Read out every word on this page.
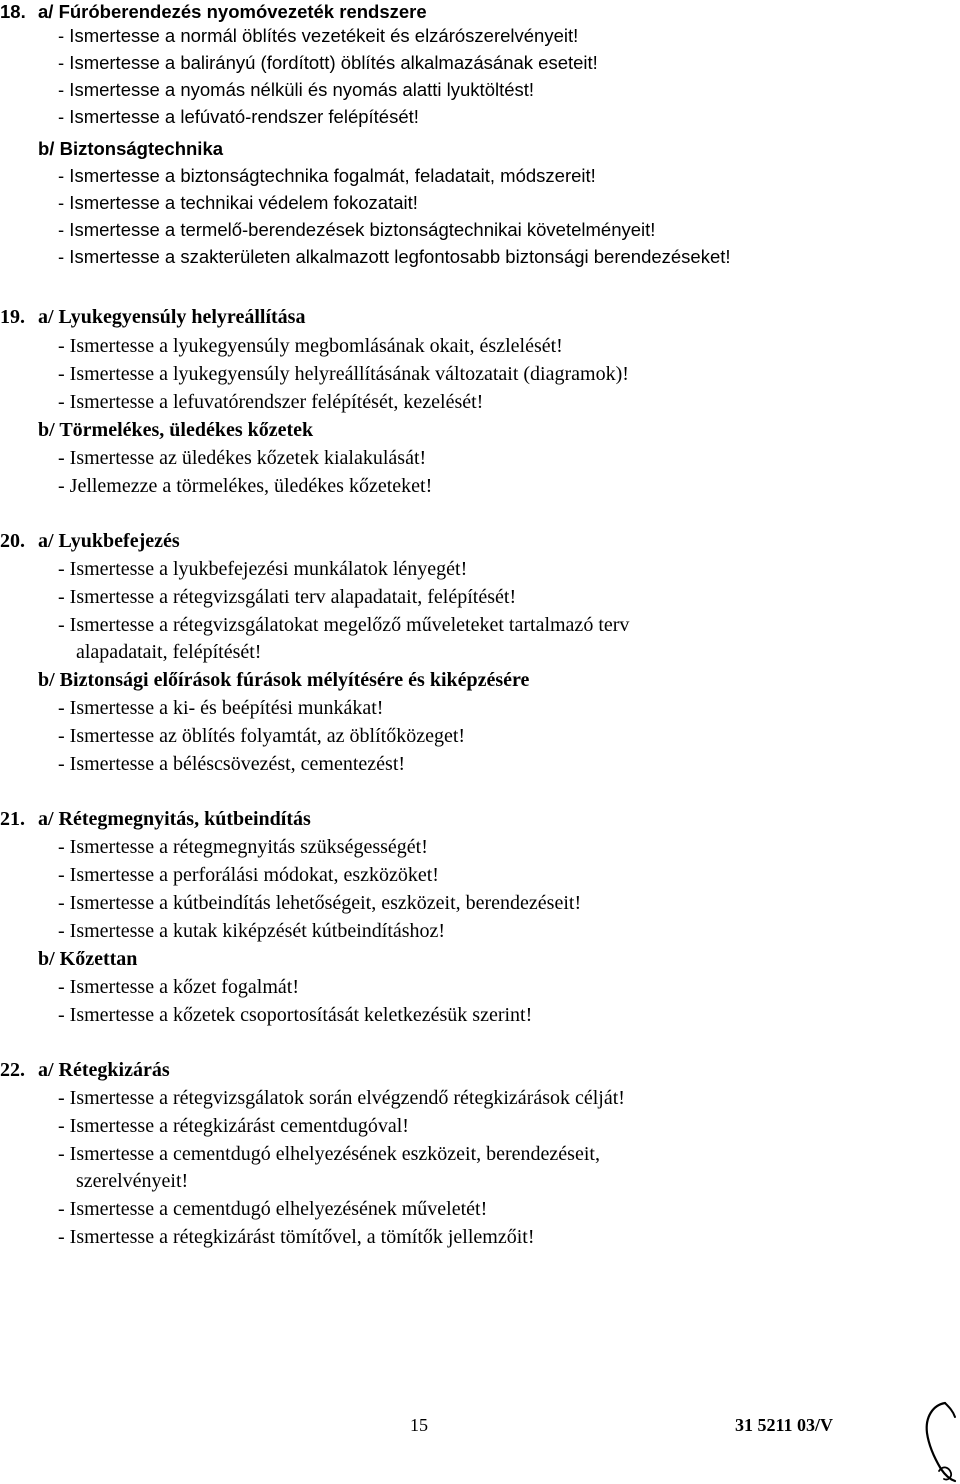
18. a/ Fúróberendezés nyomóvezeték rendszere
- Ismertesse a normál öblítés vezetékeit és elzárószerelvényeit!
- Ismertesse a balirányú (fordított) öblítés alkalmazásának eseteit!
- Ismertesse a nyomás nélküli és nyomás alatti lyuktöltést!
- Ismertesse a lefúvató-rendszer felépítését!
b/ Biztonságtechnika
- Ismertesse a biztonságtechnika fogalmát, feladatait, módszereit!
- Ismertesse a technikai védelem fokozatait!
- Ismertesse a termelő-berendezések biztonságtechnikai követelményeit!
- Ismertesse a szakterületen alkalmazott legfontosabb biztonsági berendezéseket!
19. a/ Lyukegyensúly helyreállítása
- Ismertesse a lyukegyensúly megbomlásának okait, észlelését!
- Ismertesse a lyukegyensúly helyreállításának változatait (diagramok)!
- Ismertesse a lefuvatórendszer felépítését, kezelését!
b/ Törmelékes, üledékes kőzetek
- Ismertesse az üledékes kőzetek kialakulását!
- Jellemezze a törmelékes, üledékes kőzeteket!
20. a/ Lyukbefejezés
- Ismertesse a lyukbefejezési munkálatok lényegét!
- Ismertesse a rétegvizsgálati terv alapadatait, felépítését!
- Ismertesse a rétegvizsgálatokat megelőző műveleteket tartalmazó terv
alapadatait, felépítését!
b/ Biztonsági előírások fúrások mélyítésére és kiképzésére
- Ismertesse a ki- és beépítési munkákat!
- Ismertesse az öblítés folyamtát, az öblítőközeget!
- Ismertesse a béléscsövezést, cementezést!
21. a/ Rétegmegnyitás, kútbeindítás
- Ismertesse a rétegmegnyitás szükségességét!
- Ismertesse a perforálási módokat, eszközöket!
- Ismertesse a kútbeindítás lehetőségeit, eszközeit, berendezéseit!
- Ismertesse a kutak kiképzését kútbeindításhoz!
b/ Kőzettan
- Ismertesse a kőzet fogalmát!
- Ismertesse a kőzetek csoportosítását keletkezésük szerint!
22. a/ Rétegkizárás
- Ismertesse a rétegvizsgálatok során elvégzendő rétegkizárások célját!
- Ismertesse a rétegkizárást cementdugóval!
- Ismertesse a cementdugó elhelyezésének eszközeit, berendezéseit,
szerelvényeit!
- Ismertesse a cementdugó elhelyezésének műveletét!
- Ismertesse a rétegkizárást tömítővel, a tömítők jellemzőit!
15	31 5211 03/V
